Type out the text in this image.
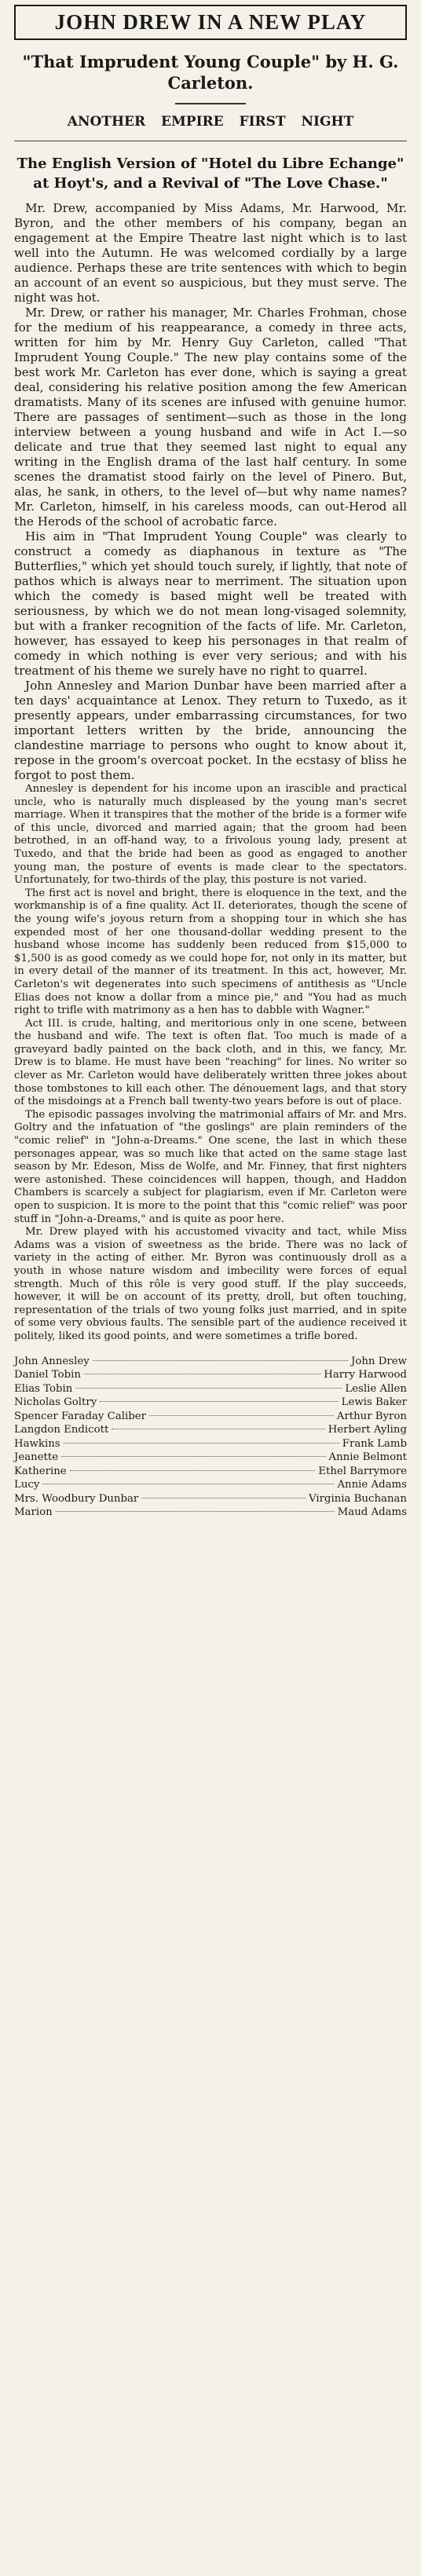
JOHN DREW IN A NEW PLAY

"That Imprudent Young Couple" by H. G. Carleton.

ANOTHER EMPIRE FIRST NIGHT

The English Version of "Hotel du Libre Echange" at Hoyt's, and a Revival of "The Love Chase."

Mr. Drew, accompanied by Miss Adams, Mr. Harwood, Mr. Byron, and the other members of his company, began an engagement at the Empire Theatre last night which is to last well into the Autumn. He was welcomed cordially by a large audience. Perhaps these are trite sentences with which to begin an account of an event so auspicious, but they must serve. The night was hot.

Mr. Drew, or rather his manager, Mr. Charles Frohman, chose for the medium of his reappearance, a comedy in three acts, written for him by Mr. Henry Guy Carleton, called "That Imprudent Young Couple." The new play contains some of the best work Mr. Carleton has ever done, which is saying a great deal, considering his relative position among the few American dramatists. Many of its scenes are infused with genuine humor. There are passages of sentiment—such as those in the long interview between a young husband and wife in Act I.—so delicate and true that they seemed last night to equal any writing in the English drama of the last half century. In some scenes the dramatist stood fairly on the level of Pinero. But, alas, he sank, in others, to the level of—but why name names? Mr. Carleton, himself, in his careless moods, can out-Herod all the Herods of the school of acrobatic farce.

His aim in "That Imprudent Young Couple" was clearly to construct a comedy as diaphanous in texture as "The Butterflies," which yet should touch surely, if lightly, that note of pathos which is always near to merriment. The situation upon which the comedy is based might well be treated with seriousness, by which we do not mean long-visaged solemnity, but with a franker recognition of the facts of life. Mr. Carleton, however, has essayed to keep his personages in that realm of comedy in which nothing is ever very serious; and with his treatment of his theme we surely have no right to quarrel.

John Annesley and Marion Dunbar have been married after a ten days' acquaintance at Lenox. They return to Tuxedo, as it presently appears, under embarrassing circumstances, for two important letters written by the bride, announcing the clandestine marriage to persons who ought to know about it, repose in the groom's overcoat pocket. In the ecstasy of bliss he forgot to post them.

Annesley is dependent for his income upon an irascible and practical uncle, who is naturally much displeased by the young man's secret marriage. When it transpires that the mother of the bride is a former wife of this uncle, divorced and married again; that the groom had been betrothed, in an off-hand way, to a frivolous young lady, present at Tuxedo, and that the bride had been as good as engaged to another young man, the posture of events is made clear to the spectators. Unfortunately, for two-thirds of the play, this posture is not varied.

The first act is novel and bright, there is eloquence in the text, and the workmanship is of a fine quality. Act II. deteriorates, though the scene of the young wife's joyous return from a shopping tour in which she has expended most of her one thousand-dollar wedding present to the husband whose income has suddenly been reduced from $15,000 to $1,500 is as good comedy as we could hope for, not only in its matter, but in every detail of the manner of its treatment. In this act, however, Mr. Carleton's wit degenerates into such specimens of antithesis as "Uncle Elias does not know a dollar from a mince pie," and "You had as much right to trifle with matrimony as a hen has to dabble with Wagner."

Act III. is crude, halting, and meritorious only in one scene, between the husband and wife. The text is often flat. Too much is made of a graveyard badly painted on the back cloth, and in this, we fancy, Mr. Drew is to blame. He must have been "reaching" for lines. No writer so clever as Mr. Carleton would have deliberately written three jokes about those tombstones to kill each other. The dénouement lags, and that story of the misdoings at a French ball twenty-two years before is out of place.

The episodic passages involving the matrimonial affairs of Mr. and Mrs. Goltry and the infatuation of "the goslings" are plain reminders of the "comic relief" in "John-a-Dreams." One scene, the last in which these personages appear, was so much like that acted on the same stage last season by Mr. Edeson, Miss de Wolfe, and Mr. Finney, that first nighters were astonished. These coincidences will happen, though, and Haddon Chambers is scarcely a subject for plagiarism, even if Mr. Carleton were open to suspicion. It is more to the point that this "comic relief" was poor stuff in "John-a-Dreams," and is quite as poor here.

Mr. Drew played with his accustomed vivacity and tact, while Miss Adams was a vision of sweetness as the bride. There was no lack of variety in the acting of either. Mr. Byron was continuously droll as a youth in whose nature wisdom and imbecility were forces of equal strength. Much of this rôle is very good stuff. If the play succeeds, however, it will be on account of its pretty, droll, but often touching, representation of the trials of two young folks just married, and in spite of some very obvious faults. The sensible part of the audience received it politely, liked its good points, and were sometimes a trifle bored.

John Annesley	John Drew
Daniel Tobin	Harry Harwood
Elias Tobin	Leslie Allen
Nicholas Goltry	Lewis Baker
Spencer Faraday Caliber	Arthur Byron
Langdon Endicott	Herbert Ayling
Hawkins	Frank Lamb
Jeanette	Annie Belmont
Katherine	Ethel Barrymore
Lucy	Annie Adams
Mrs. Woodbury Dunbar	Virginia Buchanan
Marion	Maud Adams
